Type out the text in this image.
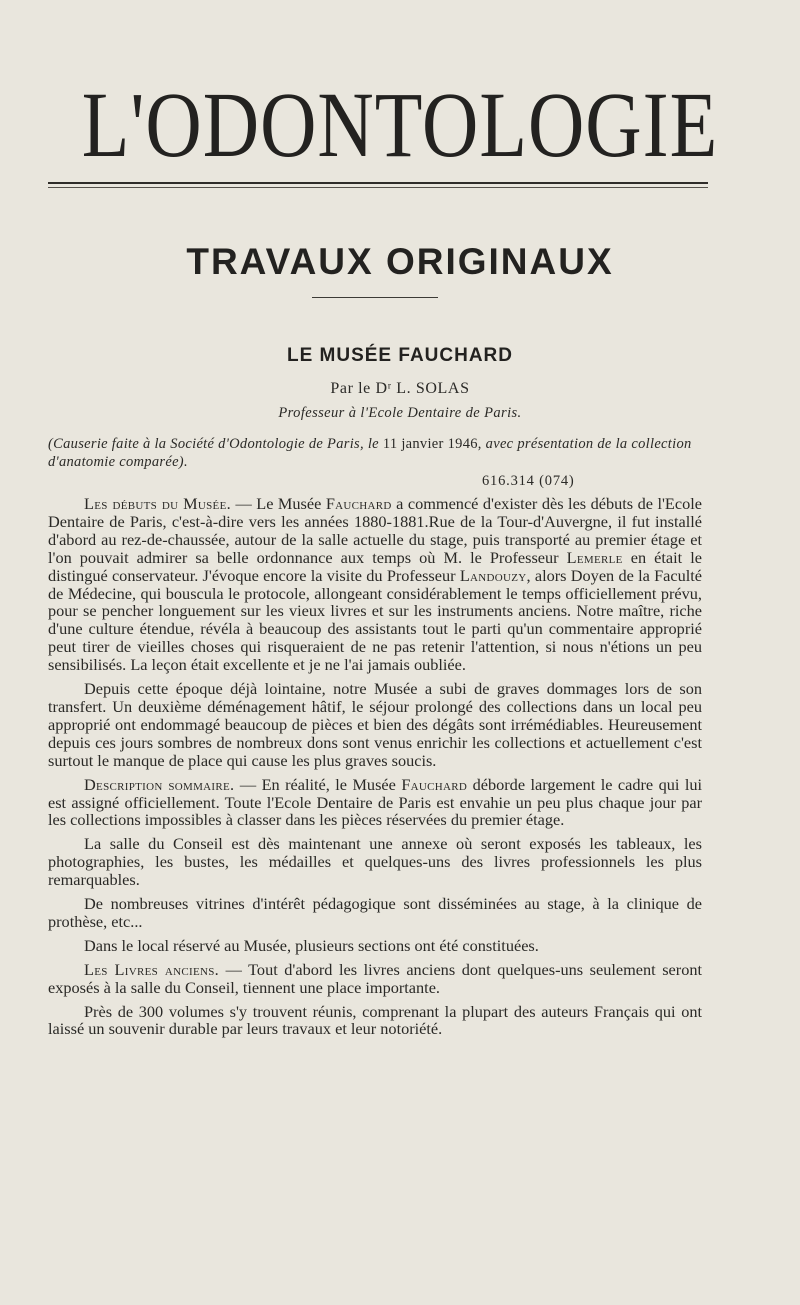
L'ODONTOLOGIE
TRAVAUX ORIGINAUX
LE MUSÉE FAUCHARD
Par le Dʳ L. SOLAS
Professeur à l'Ecole Dentaire de Paris.
(Causerie faite à la Société d'Odontologie de Paris, le 11 janvier 1946, avec présentation de la collection d'anatomie comparée).
616.314 (074)

Les débuts du Musée. — Le Musée Fauchard a commencé d'exister dès les débuts de l'Ecole Dentaire de Paris, c'est-à-dire vers les années 1880-1881.Rue de la Tour-d'Auvergne, il fut installé d'abord au rez-de-chaussée, autour de la salle actuelle du stage, puis transporté au premier étage et l'on pouvait admirer sa belle ordonnance aux temps où M. le Professeur Lemerle en était le distingué conservateur. J'évoque encore la visite du Professeur Landouzy, alors Doyen de la Faculté de Médecine, qui bouscula le protocole, allongeant considérablement le temps officiellement prévu, pour se pencher longuement sur les vieux livres et sur les instruments anciens. Notre maître, riche d'une culture étendue, révéla à beaucoup des assistants tout le parti qu'un commentaire approprié peut tirer de vieilles choses qui risqueraient de ne pas retenir l'attention, si nous n'étions un peu sensibilisés. La leçon était excellente et je ne l'ai jamais oubliée.

Depuis cette époque déjà lointaine, notre Musée a subi de graves dommages lors de son transfert. Un deuxième déménagement hâtif, le séjour prolongé des collections dans un local peu approprié ont endommagé beaucoup de pièces et bien des dégâts sont irrémédiables. Heureusement depuis ces jours sombres de nombreux dons sont venus enrichir les collections et actuellement c'est surtout le manque de place qui cause les plus graves soucis.

Description sommaire. — En réalité, le Musée Fauchard déborde largement le cadre qui lui est assigné officiellement. Toute l'Ecole Dentaire de Paris est envahie un peu plus chaque jour par les collections impossibles à classer dans les pièces réservées du premier étage.

La salle du Conseil est dès maintenant une annexe où seront exposés les tableaux, les photographies, les bustes, les médailles et quelques-uns des livres professionnels les plus remarquables.

De nombreuses vitrines d'intérêt pédagogique sont disséminées au stage, à la clinique de prothèse, etc...

Dans le local réservé au Musée, plusieurs sections ont été constituées.

Les Livres anciens. — Tout d'abord les livres anciens dont quelques-uns seulement seront exposés à la salle du Conseil, tiennent une place importante.

Près de 300 volumes s'y trouvent réunis, comprenant la plupart des auteurs Français qui ont laissé un souvenir durable par leurs travaux et leur notoriété.
